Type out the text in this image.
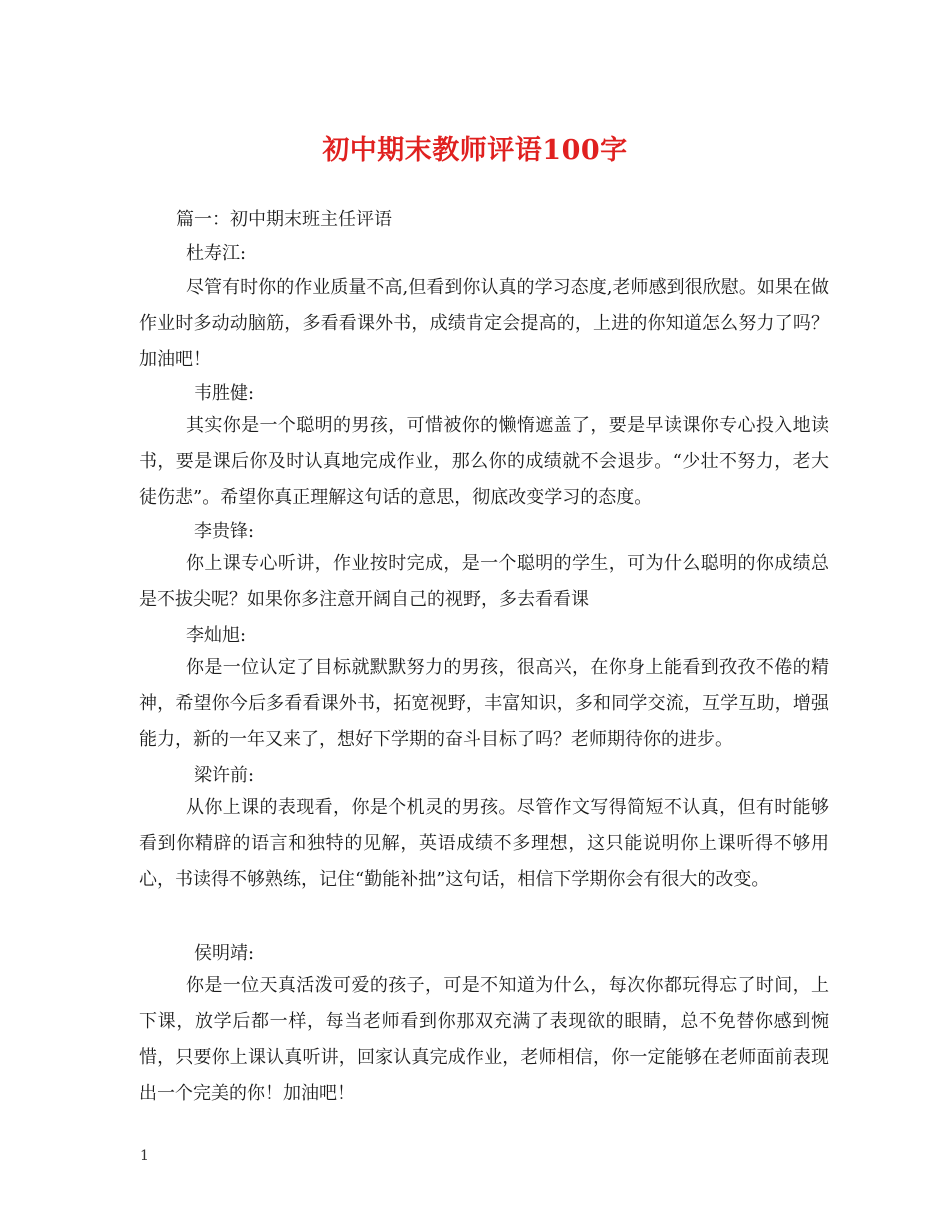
初中期末教师评语100字
篇一：初中期末班主任评语
杜寿江:
尽管有时你的作业质量不高,但看到你认真的学习态度,老师感到很欣慰。如果在做作业时多动动脑筋，多看看课外书，成绩肯定会提高的，上进的你知道怎么努力了吗？加油吧！
韦胜健:
其实你是一个聪明的男孩，可惜被你的懒惰遮盖了，要是早读课你专心投入地读书，要是课后你及时认真地完成作业，那么你的成绩就不会退步。“少壮不努力，老大徒伤悲”。希望你真正理解这句话的意思，彻底改变学习的态度。
李贵锋:
你上课专心听讲，作业按时完成，是一个聪明的学生，可为什么聪明的你成绩总是不拔尖呢？如果你多注意开阔自己的视野，多去看看课
李灿旭:
你是一位认定了目标就默默努力的男孩，很高兴，在你身上能看到孜孜不倦的精神，希望你今后多看看课外书，拓宽视野，丰富知识，多和同学交流，互学互助，增强能力，新的一年又来了，想好下学期的奋斗目标了吗？老师期待你的进步。
梁许前:
从你上课的表现看，你是个机灵的男孩。尽管作文写得简短不认真，但有时能够看到你精辟的语言和独特的见解，英语成绩不多理想，这只能说明你上课听得不够用心，书读得不够熟练，记住“勤能补拙”这句话，相信下学期你会有很大的改变。
侯明靖:
你是一位天真活泼可爱的孩子，可是不知道为什么，每次你都玩得忘了时间，上下课，放学后都一样，每当老师看到你那双充满了表现欲的眼睛，总不免替你感到惋惜，只要你上课认真听讲，回家认真完成作业，老师相信，你一定能够在老师面前表现出一个完美的你！加油吧！
1
